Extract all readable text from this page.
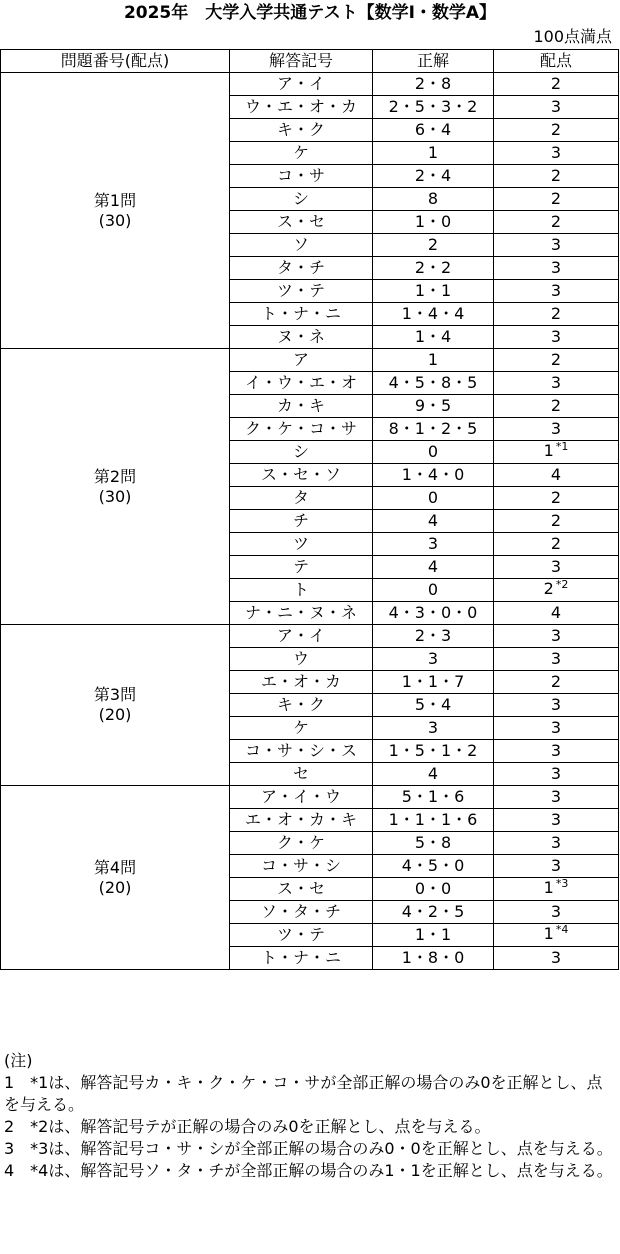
2025年　大学入学共通テスト【数学Ⅰ・数学A】
100点満点
問題番号(配点)	解答記号	正解	配点

第1問
(30)	ア・イ	2・8	2
	ウ・エ・オ・カ	2・5・3・2	3
	キ・ク	6・4	2
	ケ	1	3
	コ・サ	2・4	2
	シ	8	2
	ス・セ	1・0	2
	ソ	2	3
	タ・チ	2・2	3
	ツ・テ	1・1	3
	ト・ナ・ニ	1・4・4	2
	ヌ・ネ	1・4	3

第2問
(30)	ア	1	2
	イ・ウ・エ・オ	4・5・8・5	3
	カ・キ	9・5	2
	ク・ケ・コ・サ	8・1・2・5	3
	シ	0	1 $^{*1}$
	ス・セ・ソ	1・4・0	4
	タ	0	2
	チ	4	2
	ツ	3	2
	テ	4	3
	ト	0	2 $^{*2}$
	ナ・ニ・ヌ・ネ	4・3・0・0	4

第3問
(20)	ア・イ	2・3	3
	ウ	3	3
	エ・オ・カ	1・1・7	2
	キ・ク	5・4	3
	ケ	3	3
	コ・サ・シ・ス	1・5・1・2	3
	セ	4	3

第4問
(20)	ア・イ・ウ	5・1・6	3
	エ・オ・カ・キ	1・1・1・6	3
	ク・ケ	5・8	3
	コ・サ・シ	4・5・0	3
	ス・セ	0・0	1 $^{*3}$
	ソ・タ・チ	4・2・5	3
	ツ・テ	1・1	1 $^{*4}$
	ト・ナ・ニ	1・8・0	3

(注)

1　*1は、解答記号カ・キ・ク・ケ・コ・サが全部正解の場合のみ0を正解とし、点を与える。

2　*2は、解答記号テが正解の場合のみ0を正解とし、点を与える。

3　*3は、解答記号コ・サ・シが全部正解の場合のみ0・0を正解とし、点を与える。

4　*4は、解答記号ソ・タ・チが全部正解の場合のみ1・1を正解とし、点を与える。
